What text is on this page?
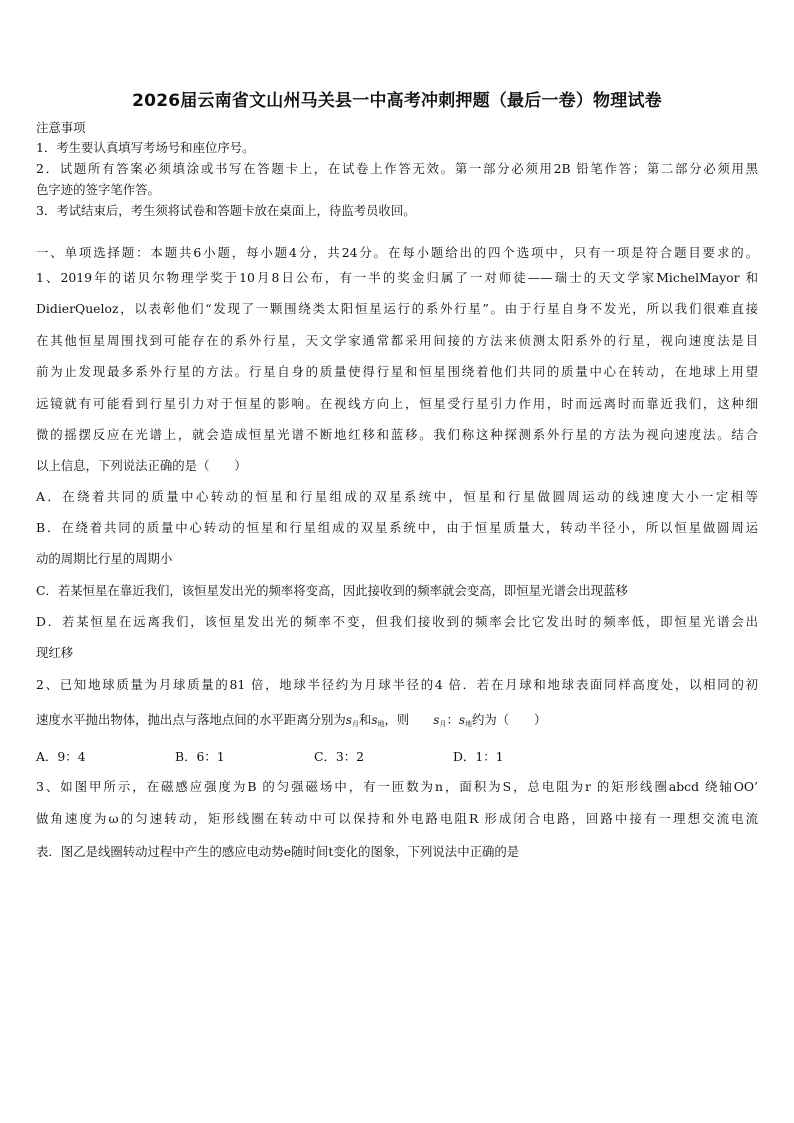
2026届云南省文山州马关县一中高考冲刺押题（最后一卷）物理试卷
注意事项
1．考生要认真填写考场号和座位序号。
2．试题所有答案必须填涂或书写在答题卡上，在试卷上作答无效。第一部分必须用2B 铅笔作答；第二部分必须用黑
色字迹的签字笔作答。
3．考试结束后，考生须将试卷和答题卡放在桌面上，待监考员收回。
一、单项选择题：本题共6小题，每小题4分，共24分。在每小题给出的四个选项中，只有一项是符合题目要求的。
1、2019年的诺贝尔物理学奖于10月8日公布，有一半的奖金归属了一对师徒——瑞士的天文学家MichelMayor 和
DidierQueloz，以表彰他们“发现了一颗围绕类太阳恒星运行的系外行星”。由于行星自身不发光，所以我们很难直接
在其他恒星周围找到可能存在的系外行星，天文学家通常都采用间接的方法来侦测太阳系外的行星，视向速度法是目
前为止发现最多系外行星的方法。行星自身的质量使得行星和恒星围绕着他们共同的质量中心在转动，在地球上用望
远镜就有可能看到行星引力对于恒星的影响。在视线方向上，恒星受行星引力作用，时而远离时而靠近我们，这种细
微的摇摆反应在光谱上，就会造成恒星光谱不断地红移和蓝移。我们称这种探测系外行星的方法为视向速度法。结合
以上信息，下列说法正确的是（　　）
A．在绕着共同的质量中心转动的恒星和行星组成的双星系统中，恒星和行星做圆周运动的线速度大小一定相等
B．在绕着共同的质量中心转动的恒星和行星组成的双星系统中，由于恒星质量大，转动半径小，所以恒星做圆周运
动的周期比行星的周期小
C．若某恒星在靠近我们，该恒星发出光的频率将变高，因此接收到的频率就会变高，即恒星光谱会出现蓝移
D．若某恒星在远离我们，该恒星发出光的频率不变，但我们接收到的频率会比它发出时的频率低，即恒星光谱会出
现红移
2、已知地球质量为月球质量的81 倍，地球半径约为月球半径的4 倍．若在月球和地球表面同样高度处，以相同的初
速度水平抛出物体，抛出点与落地点间的水平距离分别为$s_月$和$s_地$，则 $s_月$：$s_地$约为（　　）
A．9：4	B．6：1	C．3：2	D．1：1
3、如图甲所示，在磁感应强度为B 的匀强磁场中，有一匝数为n，面积为S，总电阻为r 的矩形线圈abcd 绕轴OO’
做角速度为ω的匀速转动，矩形线圈在转动中可以保持和外电路电阻R 形成闭合电路，回路中接有一理想交流电流
表．图乙是线圈转动过程中产生的感应电动势e随时间t变化的图象，下列说法中正确的是
